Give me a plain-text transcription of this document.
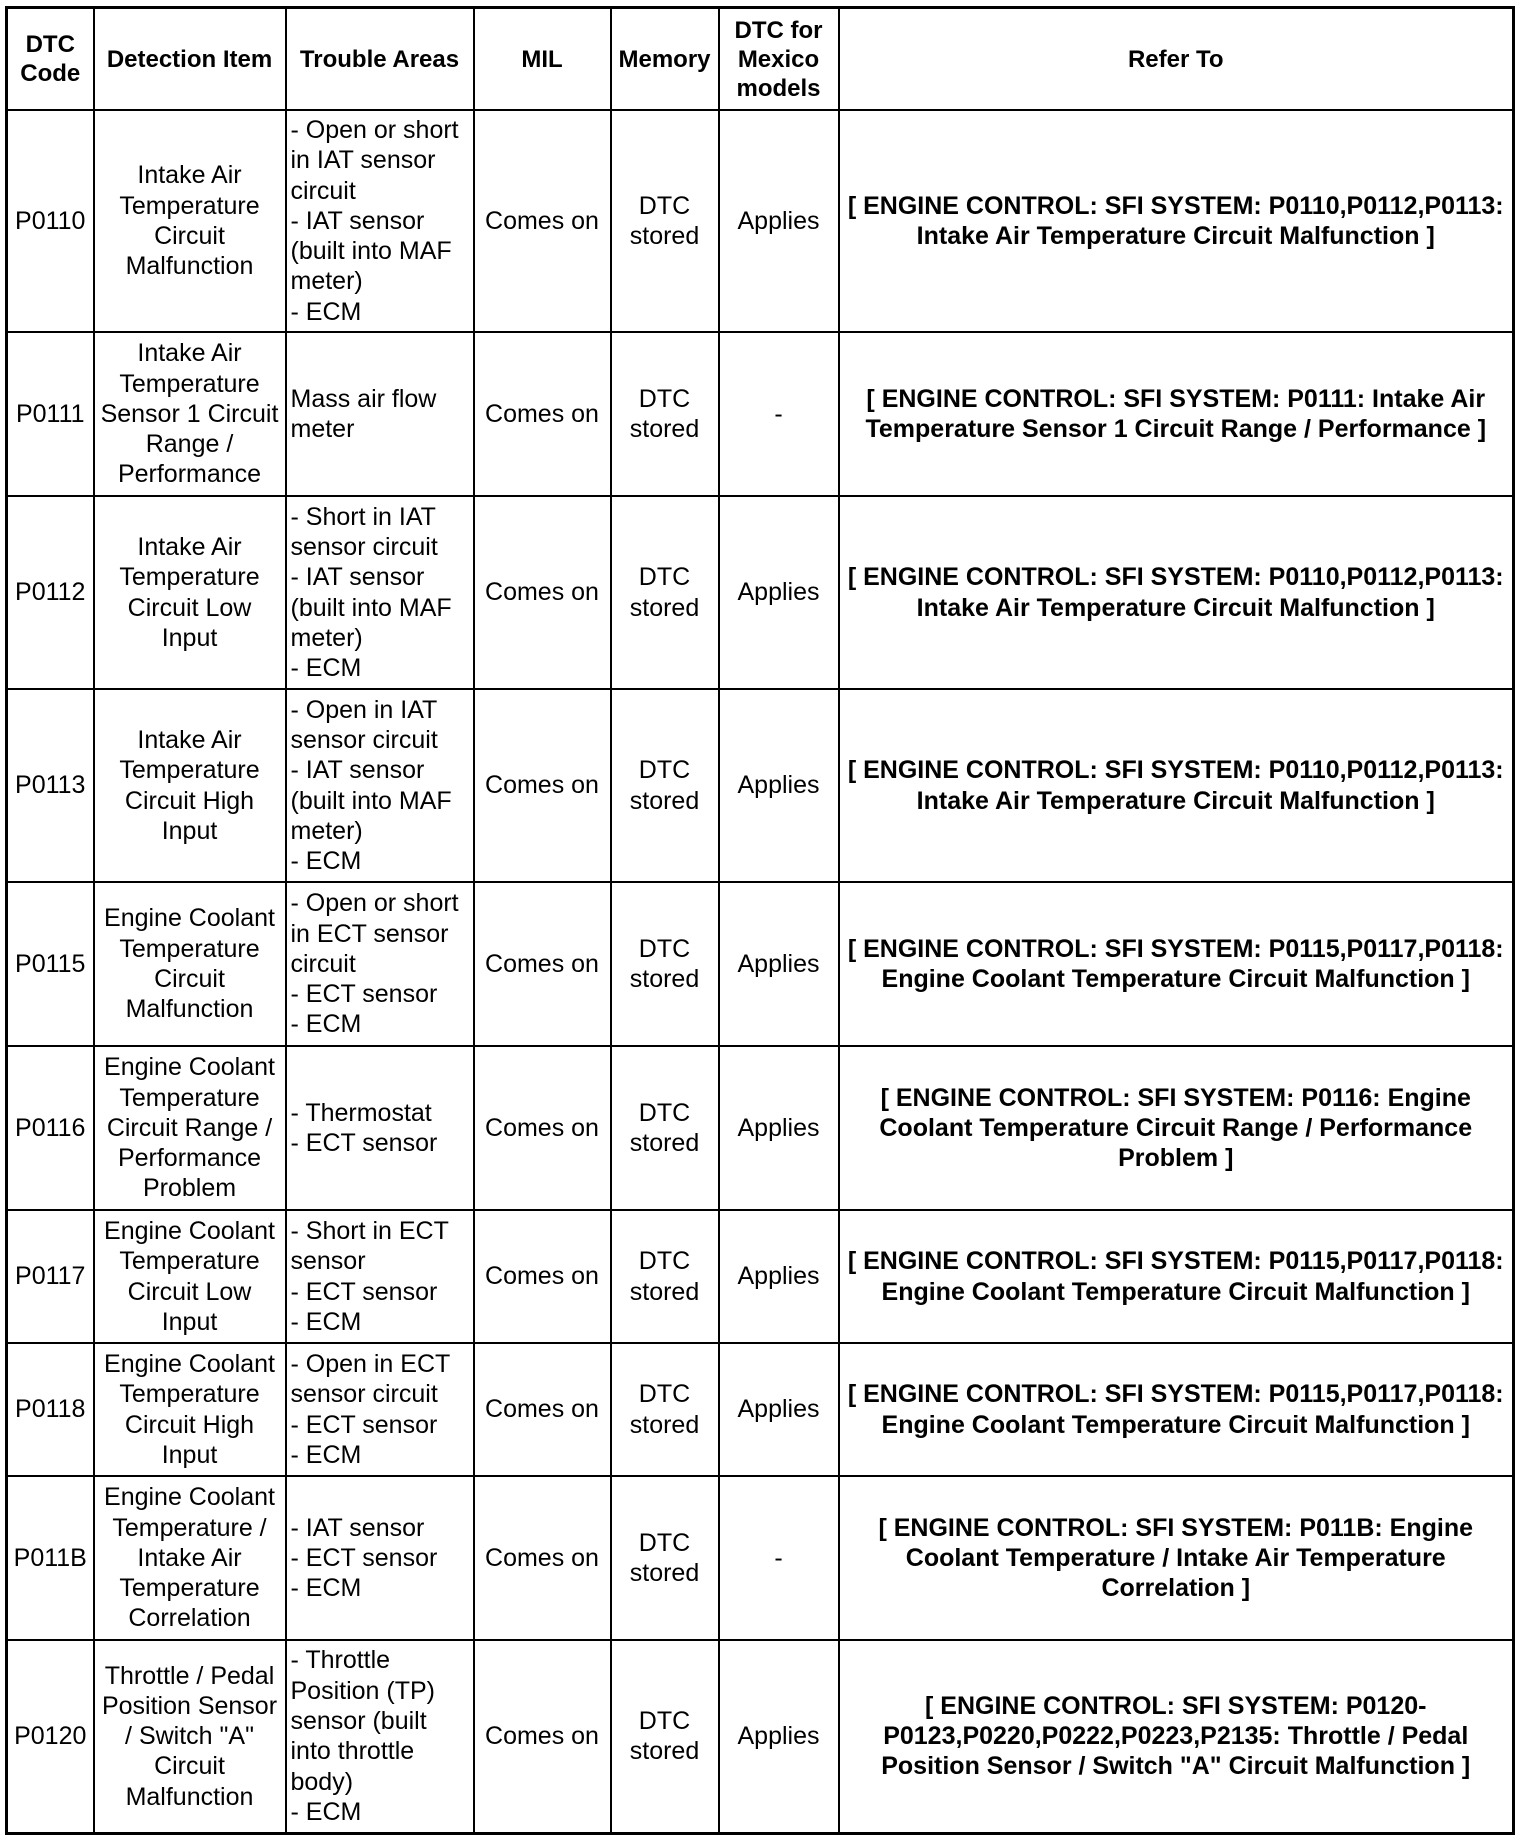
DTC Code	Detection Item	Trouble Areas	MIL	Memory	DTC for Mexico models	Refer To
P0110	Intake Air Temperature Circuit Malfunction	- Open or short in IAT sensor circuit
- IAT sensor (built into MAF meter)
- ECM	Comes on	DTC stored	Applies	[ ENGINE CONTROL: SFI SYSTEM: P0110,P0112,P0113: Intake Air Temperature Circuit Malfunction ]
P0111	Intake Air Temperature Sensor 1 Circuit Range / Performance	Mass air flow meter	Comes on	DTC stored	-	[ ENGINE CONTROL: SFI SYSTEM: P0111: Intake Air Temperature Sensor 1 Circuit Range / Performance ]
P0112	Intake Air Temperature Circuit Low Input	- Short in IAT sensor circuit
- IAT sensor (built into MAF meter)
- ECM	Comes on	DTC stored	Applies	[ ENGINE CONTROL: SFI SYSTEM: P0110,P0112,P0113: Intake Air Temperature Circuit Malfunction ]
P0113	Intake Air Temperature Circuit High Input	- Open in IAT sensor circuit
- IAT sensor (built into MAF meter)
- ECM	Comes on	DTC stored	Applies	[ ENGINE CONTROL: SFI SYSTEM: P0110,P0112,P0113: Intake Air Temperature Circuit Malfunction ]
P0115	Engine Coolant Temperature Circuit Malfunction	- Open or short in ECT sensor circuit
- ECT sensor
- ECM	Comes on	DTC stored	Applies	[ ENGINE CONTROL: SFI SYSTEM: P0115,P0117,P0118: Engine Coolant Temperature Circuit Malfunction ]
P0116	Engine Coolant Temperature Circuit Range / Performance Problem	- Thermostat
- ECT sensor	Comes on	DTC stored	Applies	[ ENGINE CONTROL: SFI SYSTEM: P0116: Engine Coolant Temperature Circuit Range / Performance Problem ]
P0117	Engine Coolant Temperature Circuit Low Input	- Short in ECT sensor
- ECT sensor
- ECM	Comes on	DTC stored	Applies	[ ENGINE CONTROL: SFI SYSTEM: P0115,P0117,P0118: Engine Coolant Temperature Circuit Malfunction ]
P0118	Engine Coolant Temperature Circuit High Input	- Open in ECT sensor circuit
- ECT sensor
- ECM	Comes on	DTC stored	Applies	[ ENGINE CONTROL: SFI SYSTEM: P0115,P0117,P0118: Engine Coolant Temperature Circuit Malfunction ]
P011B	Engine Coolant Temperature / Intake Air Temperature Correlation	- IAT sensor
- ECT sensor
- ECM	Comes on	DTC stored	-	[ ENGINE CONTROL: SFI SYSTEM: P011B: Engine Coolant Temperature / Intake Air Temperature Correlation ]
P0120	Throttle / Pedal Position Sensor / Switch "A" Circuit Malfunction	- Throttle Position (TP) sensor (built into throttle body)
- ECM	Comes on	DTC stored	Applies	[ ENGINE CONTROL: SFI SYSTEM: P0120-P0123,P0220,P0222,P0223,P2135: Throttle / Pedal Position Sensor / Switch "A" Circuit Malfunction ]
